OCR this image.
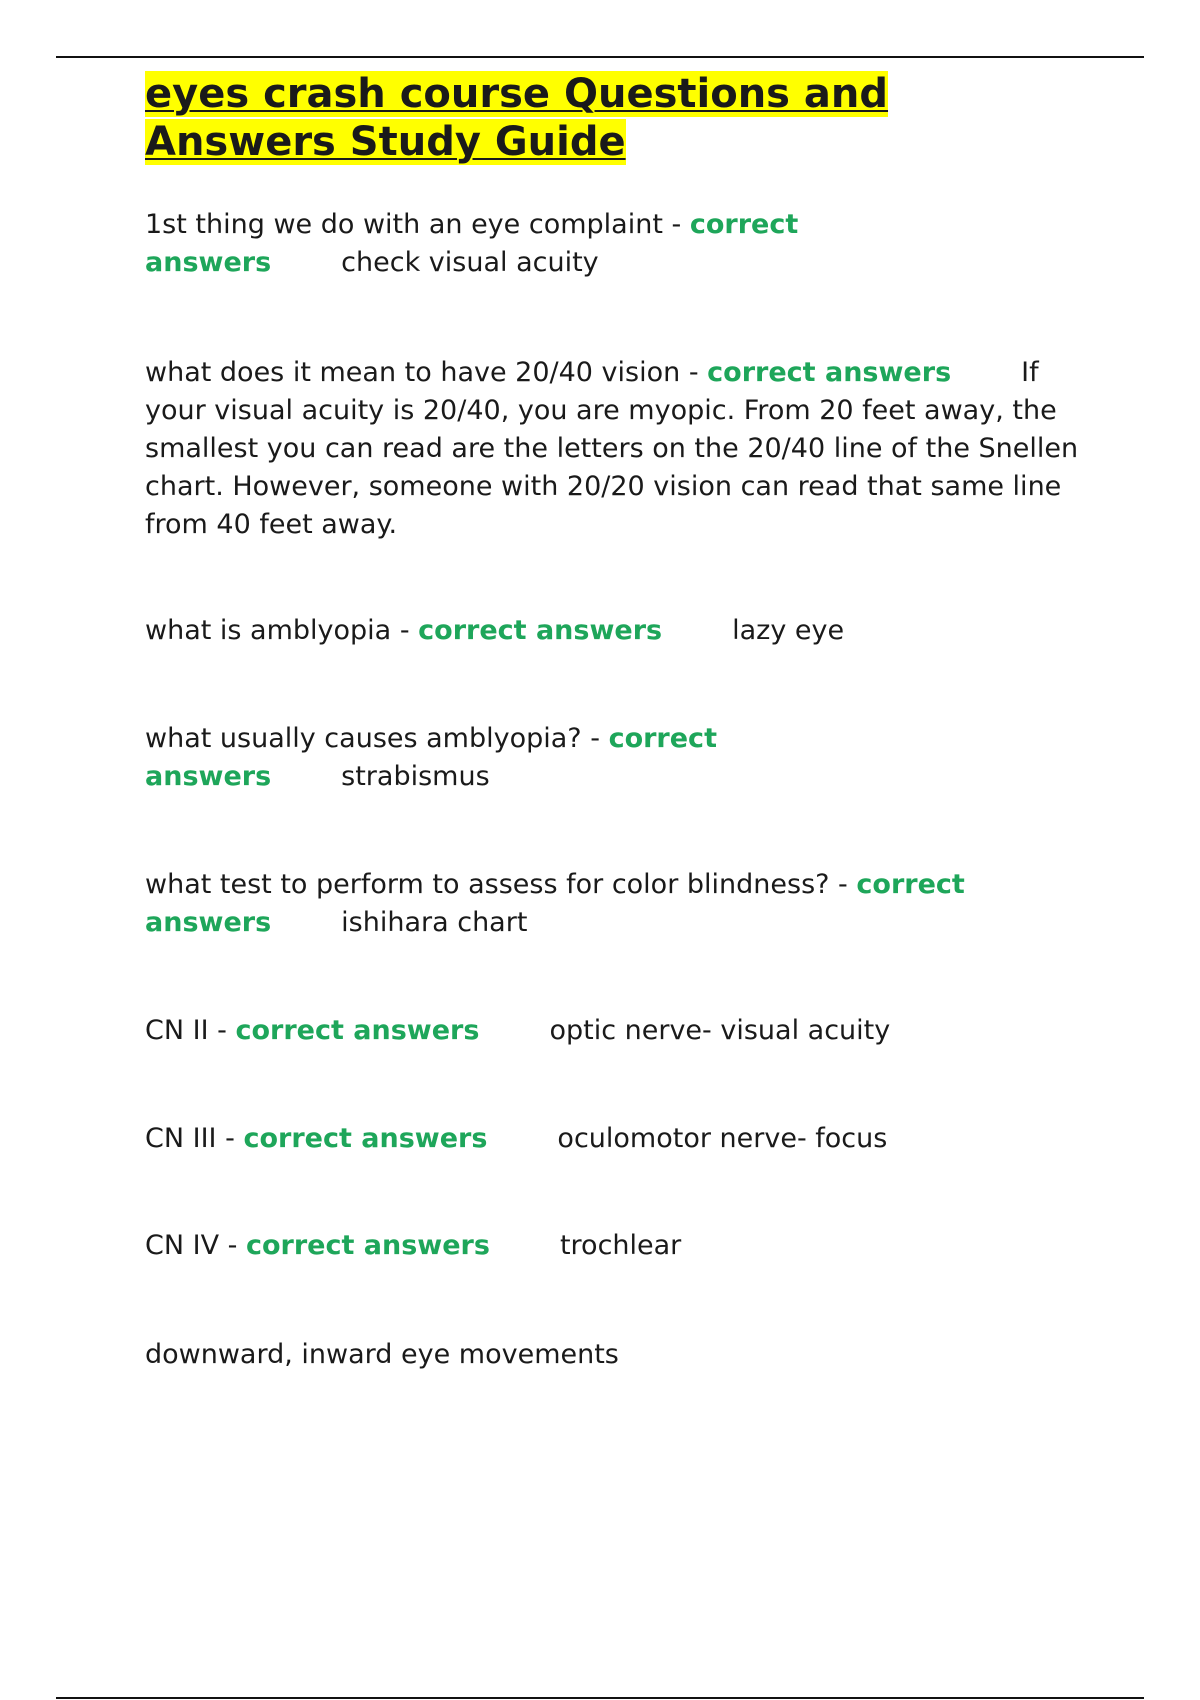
eyes crash course Questions and
Answers Study Guide

1st thing we do with an eye complaint - correct answers	check visual acuity

what does it mean to have 20/40 vision - correct answers	If your visual acuity is 20/40, you are myopic. From 20 feet away, the smallest you can read are the letters on the 20/40 line of the Snellen chart. However, someone with 20/20 vision can read that same line from 40 feet away.

what is amblyopia - correct answers	lazy eye

what usually causes amblyopia? - correct answers	strabismus

what test to perform to assess for color blindness? - correct answers	ishihara chart

CN II - correct answers	optic nerve- visual acuity

CN III - correct answers	oculomotor nerve- focus

CN IV - correct answers	trochlear

downward, inward eye movements
